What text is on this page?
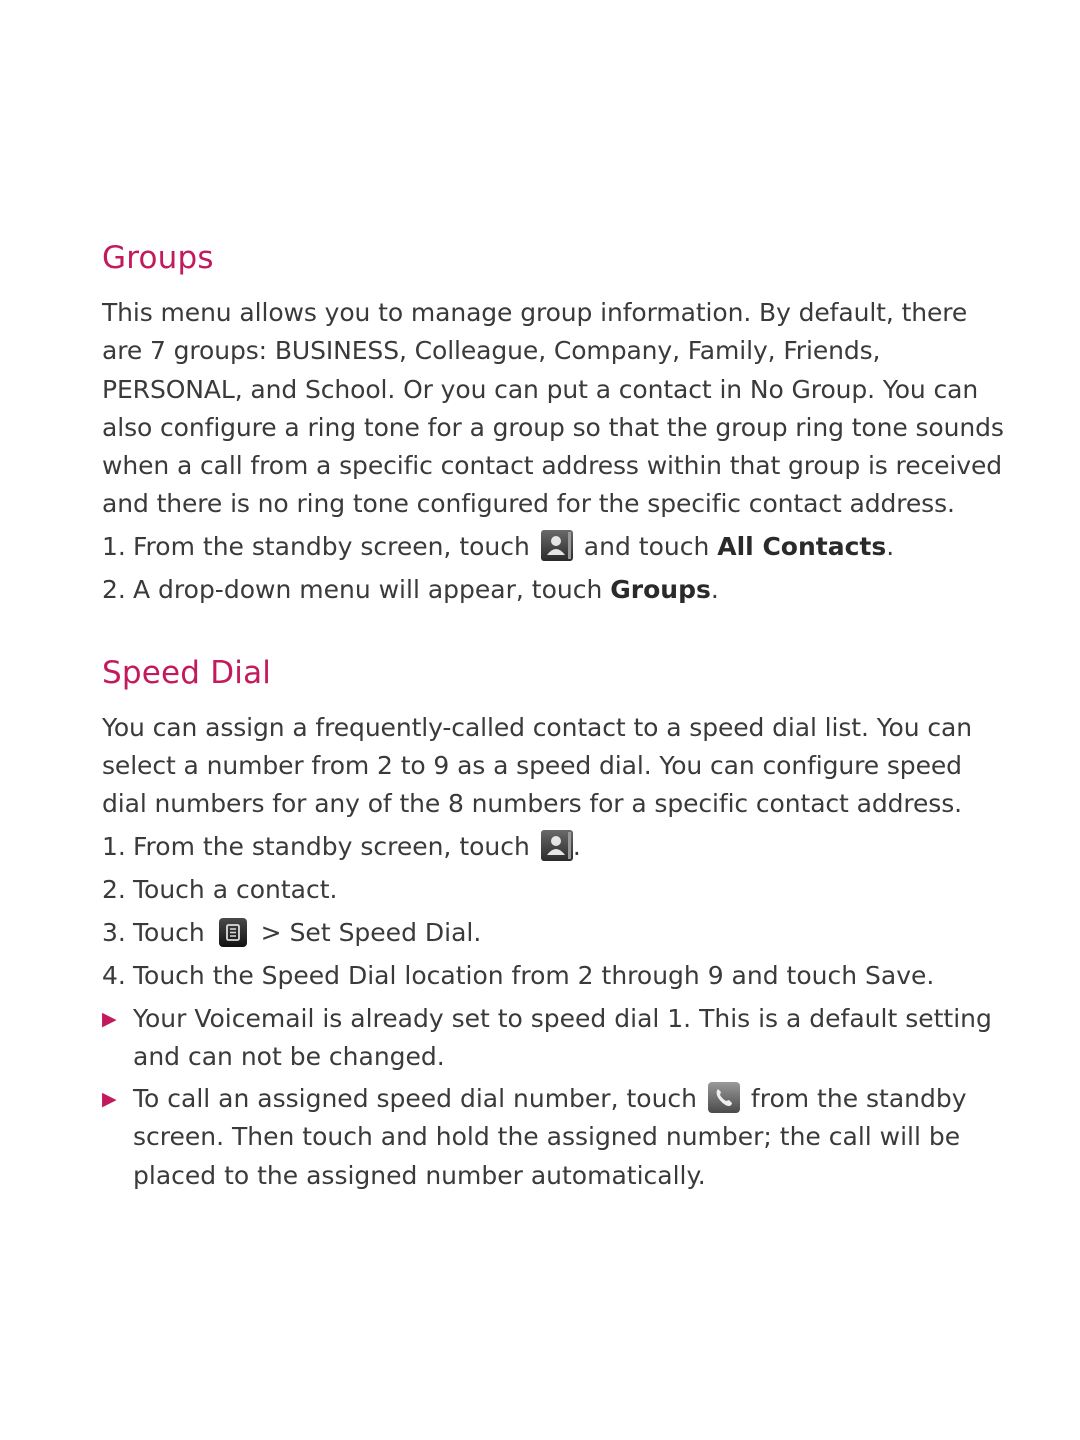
Groups

This menu allows you to manage group information. By default, there are 7 groups: BUSINESS, Colleague, Company, Family, Friends, PERSONAL, and School. Or you can put a contact in No Group. You can also configure a ring tone for a group so that the group ring tone sounds when a call from a specific contact address within that group is received and there is no ring tone configured for the specific contact address.

1. From the standby screen, touch and touch All Contacts.
2. A drop-down menu will appear, touch Groups.
Speed Dial

You can assign a frequently-called contact to a speed dial list. You can select a number from 2 to 9 as a speed dial. You can configure speed dial numbers for any of the 8 numbers for a specific contact address.

1. From the standby screen, touch .
2. Touch a contact.
3. Touch > Set Speed Dial.
4. Touch the Speed Dial location from 2 through 9 and touch Save.
▶ Your Voicemail is already set to speed dial 1. This is a default setting and can not be changed.
▶ To call an assigned speed dial number, touch from the standby screen. Then touch and hold the assigned number; the call will be placed to the assigned number automatically.
